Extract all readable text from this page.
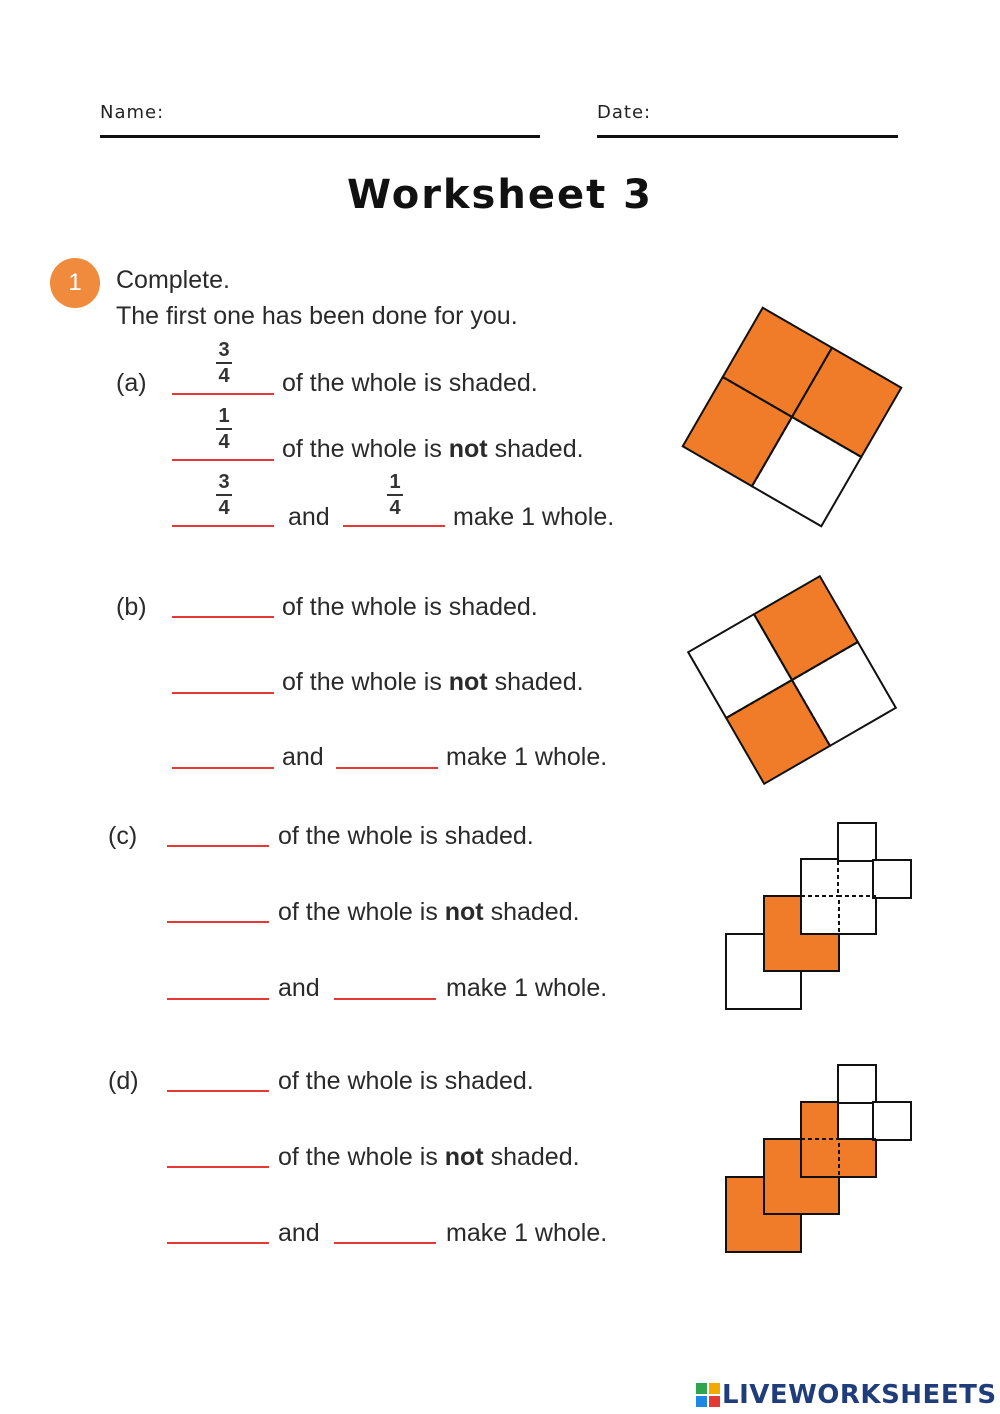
Name:	Date:
Worksheet 3
1	Complete.
The first one has been done for you.
(a)
3
4 of the whole is shaded.
1
4 of the whole is not shaded.
3
4 and
1
4 make 1 whole.
(b)	of the whole is shaded.
of the whole is not shaded.
and	make 1 whole.
(c)	of the whole is shaded.
of the whole is not shaded.
and	make 1 whole.
(d)	of the whole is shaded.
of the whole is not shaded.
and	make 1 whole.
LIVEWORKSHEETS
